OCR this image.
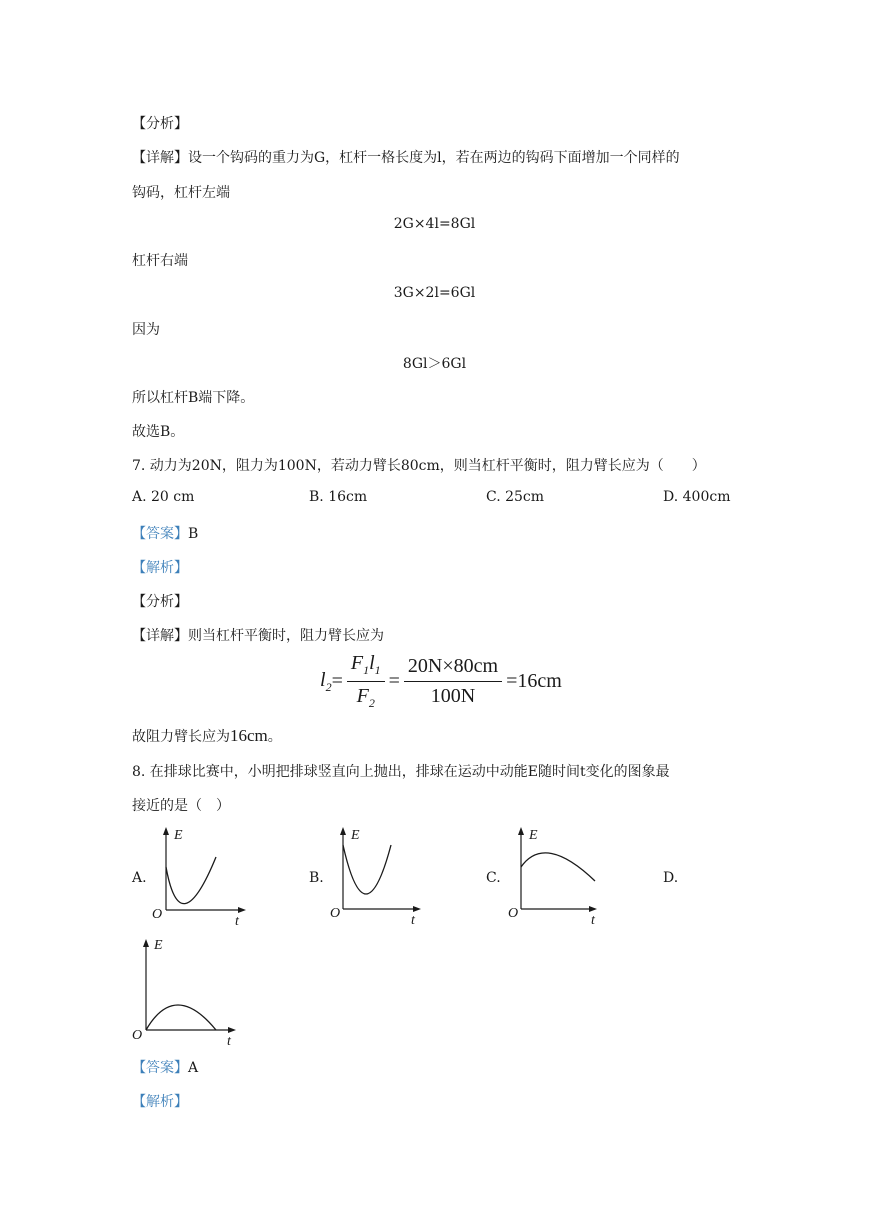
【分析】
【详解】设一个钩码的重力为G，杠杆一格长度为l，若在两边的钩码下面增加一个同样的
钩码，杠杆左端
2G×4l=8Gl
杠杆右端
3G×2l=6Gl
因为
8Gl＞6Gl
所以杠杆B端下降。
故选B。
7. 动力为20N，阻力为100N，若动力臂长80cm，则当杠杆平衡时，阻力臂长应为（　　）
A. 20 cm	B. 16cm	C. 25cm	D. 400cm
【答案】B
【解析】
【分析】
【详解】则当杠杆平衡时，阻力臂长应为
$l_2 = \frac{F_1l_1}{F_2} = \frac{20N\times 80cm}{100N} =16cm$
故阻力臂长应为16cm。
8. 在排球比赛中，小明把排球竖直向上抛出，排球在运动中动能E随时间t变化的图象最
接近的是（　）
A.	B.	C.	D.
E
t
O
E
t
O
E
t
O
E
t
O
【答案】A
【解析】
